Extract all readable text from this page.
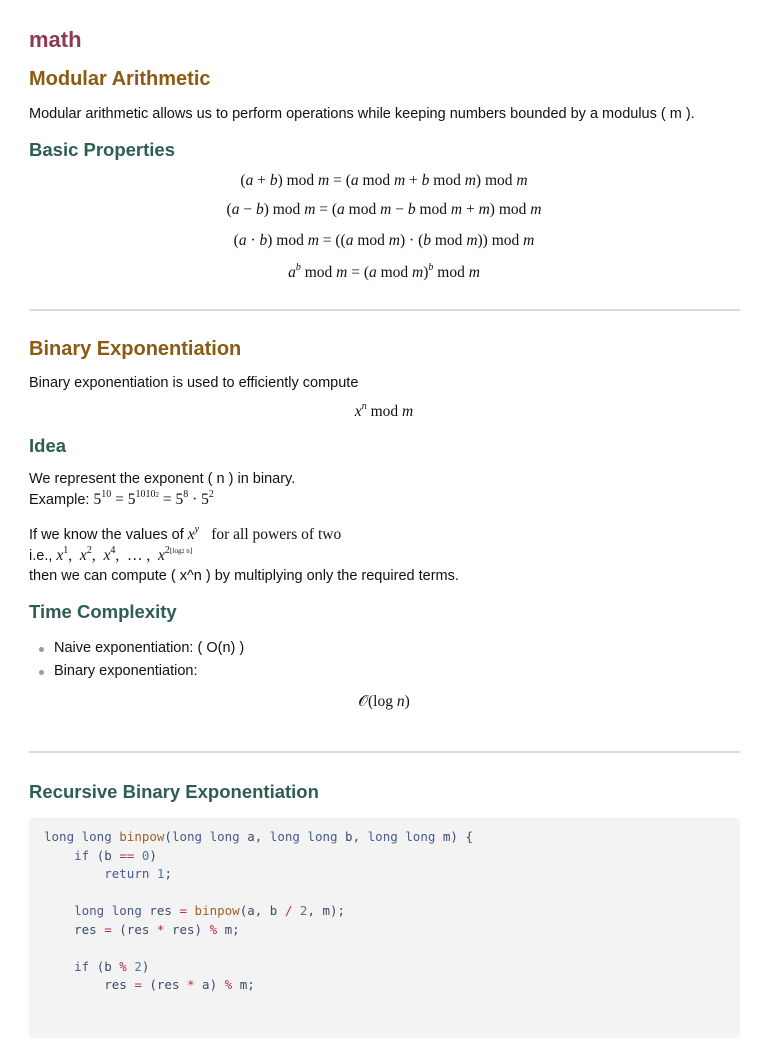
math
Modular Arithmetic

Modular arithmetic allows us to perform operations while keeping numbers bounded by a modulus ( m ).

Basic Properties
(a + b) mod m = (a mod m + b mod m) mod m
(a − b) mod m = (a mod m − b mod m + m) mod m
(a · b) mod m = ((a mod m) · (b mod m)) mod m
$a^b$ mod m = (a mod m)$^b$ mod m
Binary Exponentiation

Binary exponentiation is used to efficiently compute

$x^n$ mod m
Idea

We represent the exponent ( n ) in binary.

Example: $5^{10} = 5^{10102} = 5^8 \cdot 5^2$

If we know the values of $x^y$ for all powers of two

i.e., $x^1$,  $x^2$,  $x^4$,  … ,  $x^{2⌊log2 n⌋}$

then we can compute ( x^n ) by multiplying only the required terms.

Time Complexity
Naive exponentiation: ( O(n) )
Binary exponentiation:
𝒪(log n)
Recursive Binary Exponentiation
long long binpow(long long a, long long b, long long m) {
if (b == 0)
return 1;

long long res = binpow(a, b / 2, m);
res = (res * res) % m;

if (b % 2)
res = (res * a) % m;
